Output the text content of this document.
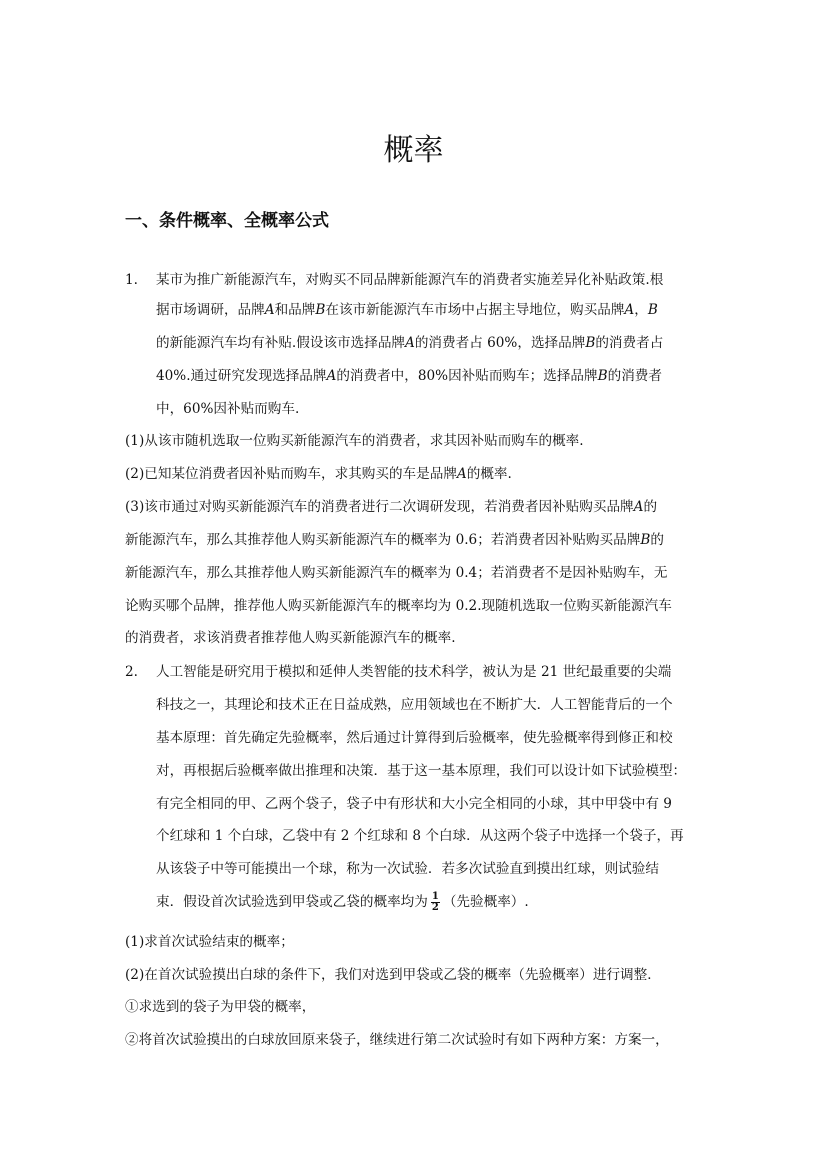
概率
一、条件概率、全概率公式
1. 某市为推广新能源汽车，对购买不同品牌新能源汽车的消费者实施差异化补贴政策.根
据市场调研，品牌A和品牌B在该市新能源汽车市场中占据主导地位，购买品牌A，B
的新能源汽车均有补贴.假设该市选择品牌A的消费者占 60%，选择品牌B的消费者占
40%.通过研究发现选择品牌A的消费者中，80%因补贴而购车；选择品牌B的消费者
中，60%因补贴而购车.
(1)从该市随机选取一位购买新能源汽车的消费者，求其因补贴而购车的概率.
(2)已知某位消费者因补贴而购车，求其购买的车是品牌A的概率.
(3)该市通过对购买新能源汽车的消费者进行二次调研发现，若消费者因补贴购买品牌A的
新能源汽车，那么其推荐他人购买新能源汽车的概率为 0.6；若消费者因补贴购买品牌B的
新能源汽车，那么其推荐他人购买新能源汽车的概率为 0.4；若消费者不是因补贴购车，无
论购买哪个品牌，推荐他人购买新能源汽车的概率均为 0.2.现随机选取一位购买新能源汽车
的消费者，求该消费者推荐他人购买新能源汽车的概率.
2. 人工智能是研究用于模拟和延伸人类智能的技术科学，被认为是 21 世纪最重要的尖端
科技之一，其理论和技术正在日益成熟，应用领域也在不断扩大．人工智能背后的一个
基本原理：首先确定先验概率，然后通过计算得到后验概率，使先验概率得到修正和校
对，再根据后验概率做出推理和决策．基于这一基本原理，我们可以设计如下试验模型：
有完全相同的甲、乙两个袋子，袋子中有形状和大小完全相同的小球，其中甲袋中有 9
个红球和 1 个白球，乙袋中有 2 个红球和 8 个白球．从这两个袋子中选择一个袋子，再
从该袋子中等可能摸出一个球，称为一次试验．若多次试验直到摸出红球，则试验结
束．假设首次试验选到甲袋或乙袋的概率均为 $\frac{1}{2}$ （先验概率）.
(1)求首次试验结束的概率；
(2)在首次试验摸出白球的条件下，我们对选到甲袋或乙袋的概率（先验概率）进行调整．
①求选到的袋子为甲袋的概率，
②将首次试验摸出的白球放回原来袋子，继续进行第二次试验时有如下两种方案：方案一，
